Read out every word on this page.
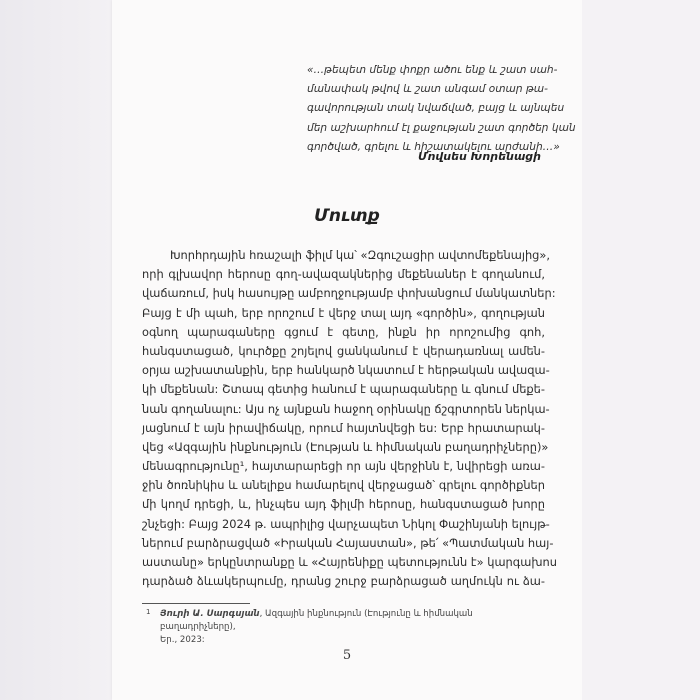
«…թեպետ մենք փոքր ածու ենք և շատ սահ-
մանափակ թվով և շատ անգամ օտար թա-
գավորության տակ նվաճված, բայց և այնպես
մեր աշխարհում էլ քաջության շատ գործեր կան
գործված, գրելու և հիշատակելու արժանի…»
Մովսես Խորենացի
Մուտք
Խորհրդային հռաշալի ֆիլմ կա՝ «Զգուշացիր ավտոմեքենայից»,
որի գլխավոր հերոսը գող-ավազակներից մեքենաներ է գողանում,
վաճառում, իսկ հասույթը ամբողջությամբ փոխանցում մանկատներ:
Բայց է մի պահ, երբ որոշում է վերջ տալ այդ «գործին», գողության
օգնող պարագաները գցում է գետը, ինքն իր որոշումից գոհ,
հանգստացած, կուրծքը շոյելով ցանկանում է վերադառնալ ամեն-
օրյա աշխատանքին, երբ հանկարծ նկատում է հերթական ավազա-
կի մեքենան: Շտապ գետից հանում է պարագաները և գնում մեքե-
նան գողանալու: Այս ոչ այնքան հաջող օրինակը ճշգրտորեն ներկա-
յացնում է այն իրավիճակը, որում հայտնվեցի ես: Երբ հրատարակ-
վեց «Ազգային ինքնություն (Էության և հիմնական բաղադրիչները)»
մենագրությունը¹, հայտարարեցի որ այն վերջինն է, նվիրեցի առա-
ջին ծոռնիկիս և անելիքս համարելով վերջացած՝ գրելու գործիքներ
մի կողմ դրեցի, և, ինչպես այդ ֆիլմի հերոսը, հանգստացած խորը
շնչեցի: Բայց 2024 թ. ապրիլից վարչապետ Նիկոլ Փաշինյանի ելույթ-
ներում բարձրացված «Իրական Հայաստան», թե՛ «Պատմական հայ-
աստանը» երկընտրանքը և «Հայրենիքը պետությունն է» կարգախոս
դարձած ձևակերպումը, դրանց շուրջ բարձրացած աղմուկն ու ձա-
1 Յուրի Ա. Սարգսյան, Ազգային ինքնություն (Էությունը և հիմնական բաղադրիչները),
Եր., 2023:
5
